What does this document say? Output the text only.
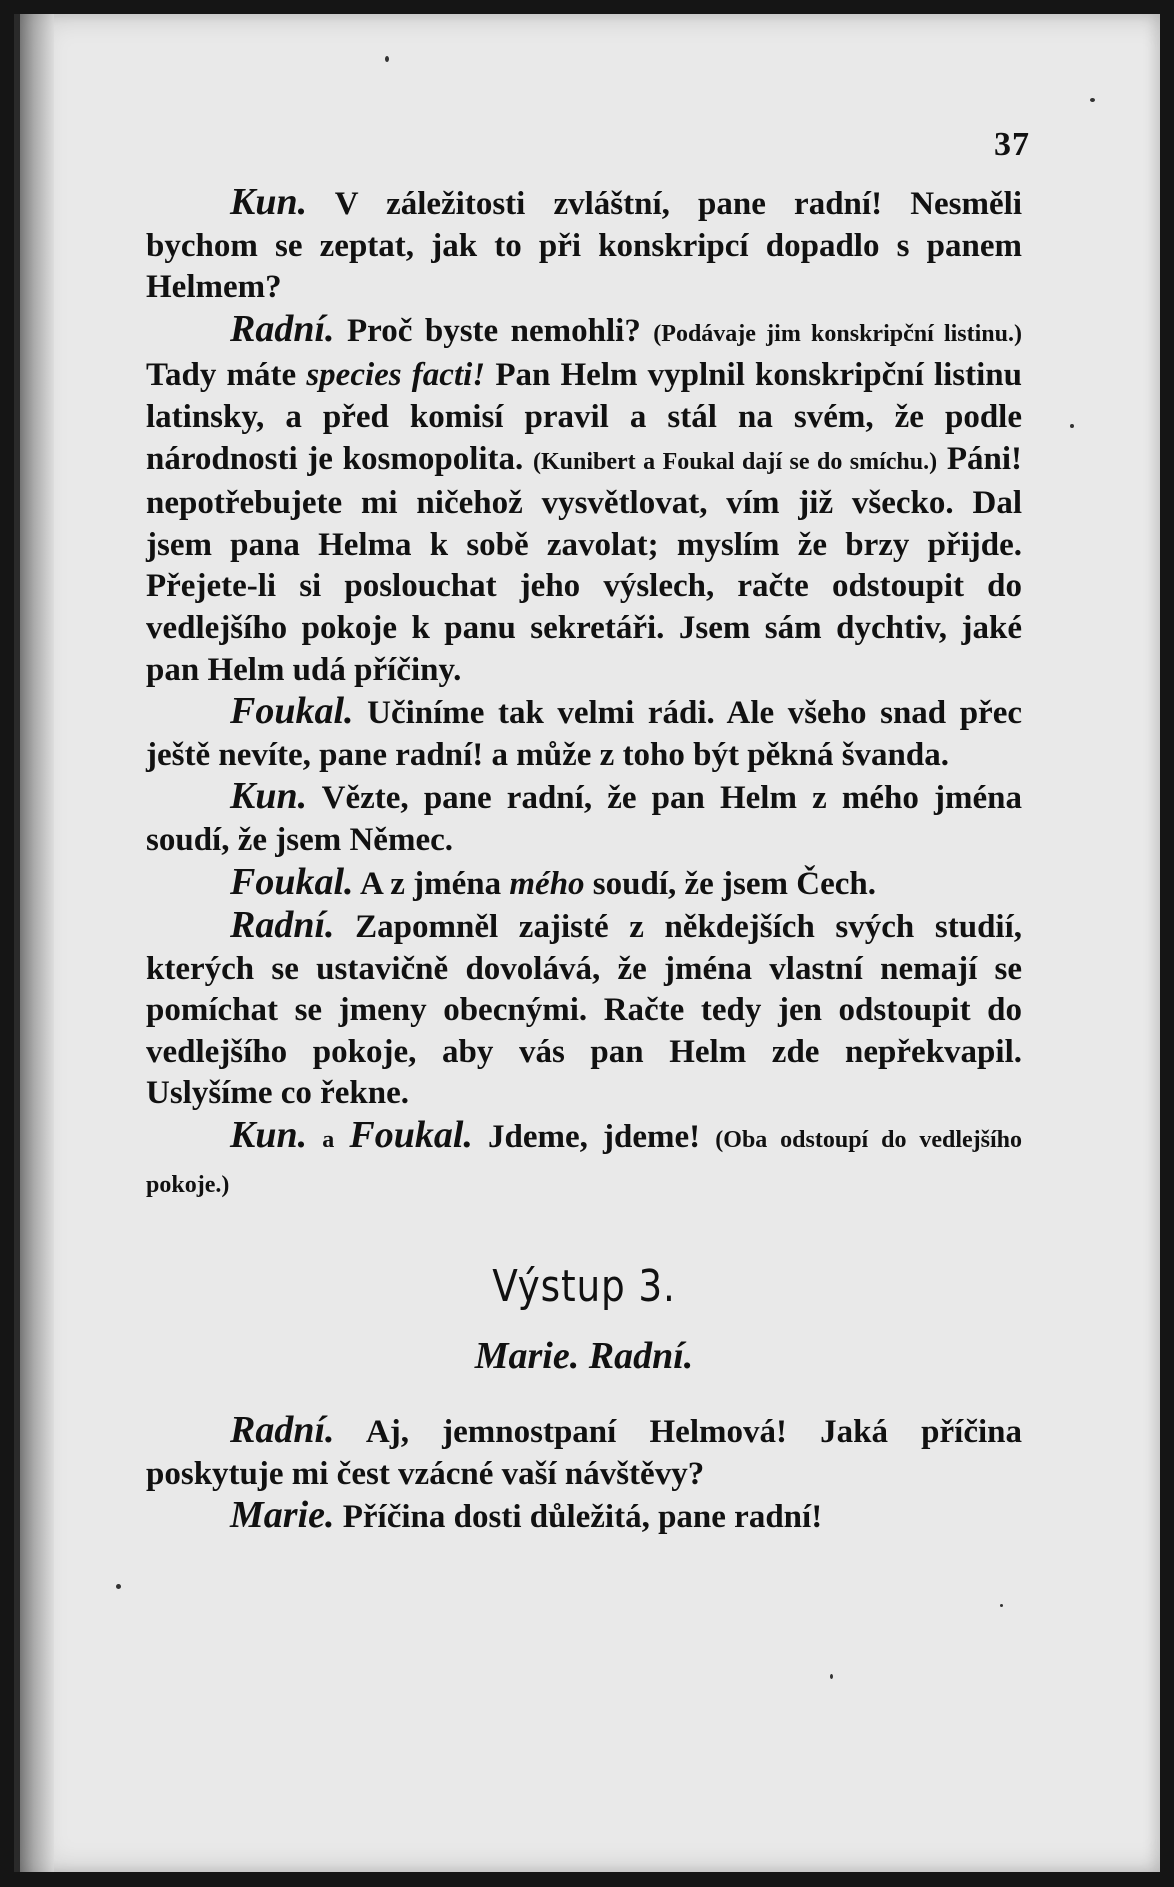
37

Kun. V záležitosti zvláštní, pane radní! Nesměli bychom se zeptat, jak to při konskripcí dopadlo s panem Helmem?

Radní. Proč byste nemohli? (Podávaje jim konskripční listinu.) Tady máte species facti! Pan Helm vyplnil konskripční listinu latinsky, a před komisí pravil a stál na svém, že podle národnosti je kosmopolita. (Kunibert a Foukal dají se do smíchu.) Páni! nepotřebujete mi ničehož vysvětlovat, vím již všecko. Dal jsem pana Helma k sobě zavolat; myslím že brzy přijde. Přejete-li si poslouchat jeho výslech, račte odstoupit do vedlejšího pokoje k panu sekretáři. Jsem sám dychtiv, jaké pan Helm udá příčiny.

Foukal. Učiníme tak velmi rádi. Ale všeho snad přec ještě nevíte, pane radní! a může z toho být pěkná švanda.

Kun. Vězte, pane radní, že pan Helm z mého jména soudí, že jsem Němec.

Foukal. A z jména mého soudí, že jsem Čech.

Radní. Zapomněl zajisté z někdejších svých studií, kterých se ustavičně dovolává, že jména vlastní nemají se pomíchat se jmeny obecnými. Račte tedy jen odstoupit do vedlejšího pokoje, aby vás pan Helm zde nepřekvapil. Uslyšíme co řekne.

Kun. a Foukal. Jdeme, jdeme! (Oba odstoupí do vedlejšího pokoje.)

Výstup 3.
Marie. Radní.

Radní. Aj, jemnostpaní Helmová! Jaká příčina poskytuje mi čest vzácné vaší návštěvy?

Marie. Příčina dosti důležitá, pane radní!
